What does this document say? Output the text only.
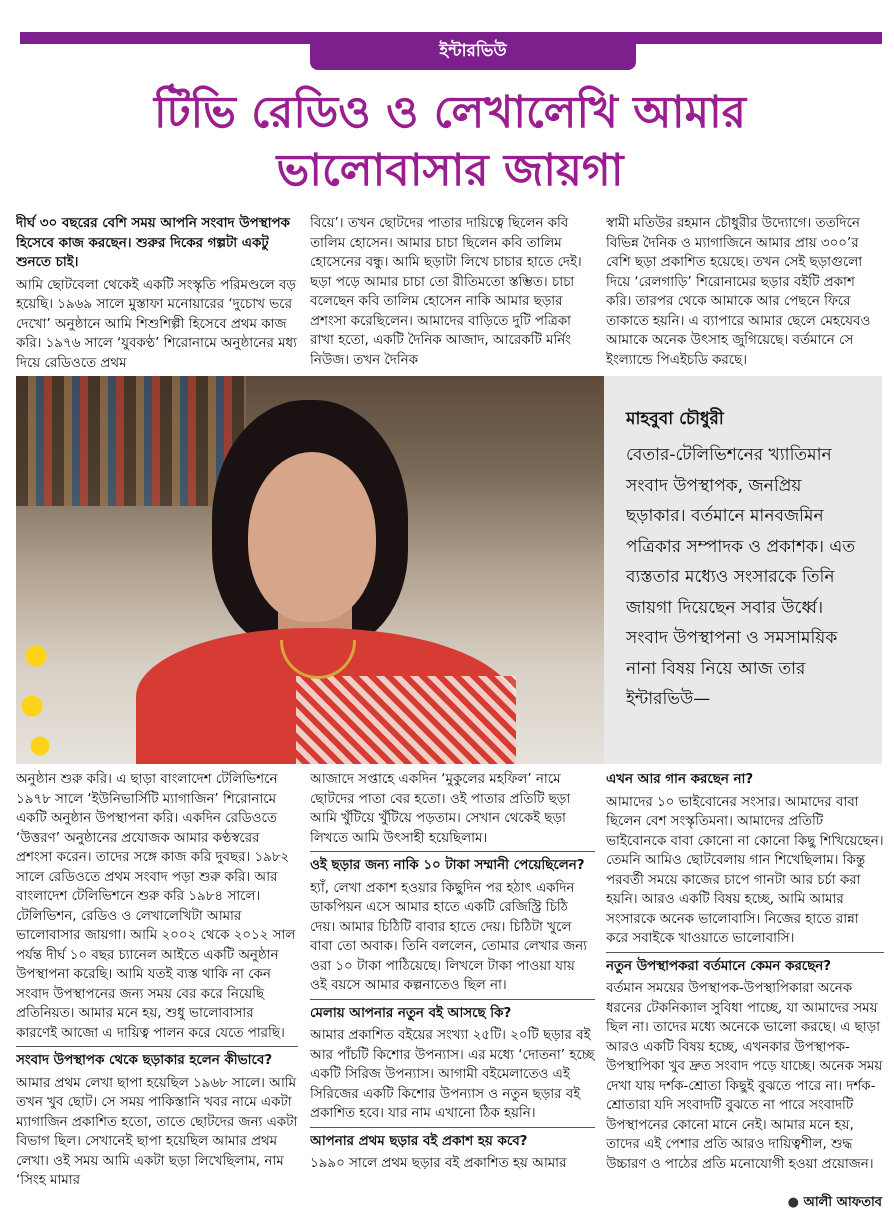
ইন্টারভিউ
টিভি রেডিও ও লেখালেখি আমার
ভালোবাসার জায়গা

দীর্ঘ ৩০ বছরের বেশি সময় আপনি সংবাদ উপস্থাপক হিসেবে কাজ করছেন। শুরুর দিকের গল্পটা একটু শুনতে চাই।

আমি ছোটবেলা থেকেই একটি সংস্কৃতি পরিমণ্ডলে বড় হয়েছি। ১৯৬৯ সালে মুস্তাফা মনোয়ারের ‘দুচোখ ভরে দেখো’ অনুষ্ঠানে আমি শিশুশিল্পী হিসেবে প্রথম কাজ করি। ১৯৭৬ সালে ‘যুবকণ্ঠ’ শিরোনামে অনুষ্ঠানের মধ্য দিয়ে রেডিওতে প্রথম

বিয়ে’। তখন ছোটদের পাতার দায়িত্বে ছিলেন কবি তালিম হোসেন। আমার চাচা ছিলেন কবি তালিম হোসেনের বন্ধু। আমি ছড়াটা লিখে চাচার হাতে দেই। ছড়া পড়ে আমার চাচা তো রীতিমতো স্তম্ভিত। চাচা বলেছেন কবি তালিম হোসেন নাকি আমার ছড়ার প্রশংসা করেছিলেন। আমাদের বাড়িতে দুটি পত্রিকা রাখা হতো, একটি দৈনিক আজাদ, আরেকটি মর্নিং নিউজ। তখন দৈনিক

স্বামী মতিউর রহমান চৌধুরীর উদ্যোগে। ততদিনে বিভিন্ন দৈনিক ও ম্যাগাজিনে আমার প্রায় ৩০০’র বেশি ছড়া প্রকাশিত হয়েছে। তখন সেই ছড়াগুলো দিয়ে ‘রেলগাড়ি’ শিরোনামের ছড়ার বইটি প্রকাশ করি। তারপর থেকে আমাকে আর পেছনে ফিরে তাকাতে হয়নি। এ ব্যাপারে আমার ছেলে মেহযেবও আমাকে অনেক উৎসাহ জুগিয়েছে। বর্তমানে সে ইংল্যান্ডে পিএইচডি করছে।

মাহবুবা চৌধুরী
বেতার-টেলিভিশনের খ্যাতিমান সংবাদ উপস্থাপক, জনপ্রিয় ছড়াকার। বর্তমানে মানবজমিন পত্রিকার সম্পাদক ও প্রকাশক। এত ব্যস্ততার মধ্যেও সংসারকে তিনি জায়গা দিয়েছেন সবার উর্ধ্বে। সংবাদ উপস্থাপনা ও সমসাময়িক নানা বিষয় নিয়ে আজ তার ইন্টারভিউ—

অনুষ্ঠান শুরু করি। এ ছাড়া বাংলাদেশ টেলিভিশনে ১৯৭৮ সালে ‘ইউনিভার্সিটি ম্যাগাজিন’ শিরোনামে একটি অনুষ্ঠান উপস্থাপনা করি। একদিন রেডিওতে ‘উত্তরণ’ অনুষ্ঠানের প্রযোজক আমার কণ্ঠস্বরের প্রশংসা করেন। তাদের সঙ্গে কাজ করি দুবছর। ১৯৮২ সালে রেডিওতে প্রথম সংবাদ পড়া শুরু করি। আর বাংলাদেশ টেলিভিশনে শুরু করি ১৯৮৪ সালে। টেলিভিশন, রেডিও ও লেখালেখিটা আমার ভালোবাসার জায়গা। আমি ২০০২ থেকে ২০১২ সাল পর্যন্ত দীর্ঘ ১০ বছর চ্যানেল আইতে একটি অনুষ্ঠান উপস্থাপনা করেছি। আমি যতই ব্যস্ত থাকি না কেন সংবাদ উপস্থাপনের জন্য সময় বের করে নিয়েছি প্রতিনিয়ত। আমার মনে হয়, শুধু ভালোবাসার কারণেই আজো এ দায়িত্ব পালন করে যেতে পারছি।

সংবাদ উপস্থাপক থেকে ছড়াকার হলেন কীভাবে?

আমার প্রথম লেখা ছাপা হয়েছিল ১৯৬৮ সালে। আমি তখন খুব ছোট। সে সময় পাকিস্তানি খবর নামে একটা ম্যাগাজিন প্রকাশিত হতো, তাতে ছোটদের জন্য একটা বিভাগ ছিল। সেখানেই ছাপা হয়েছিল আমার প্রথম লেখা। ওই সময় আমি একটা ছড়া লিখেছিলাম, নাম ‘সিংহ মামার

আজাদে সপ্তাহে একদিন ‘মুকুলের মহফিল’ নামে ছোটদের পাতা বের হতো। ওই পাতার প্রতিটি ছড়া আমি খুঁটিয়ে খুঁটিয়ে পড়তাম। সেখান থেকেই ছড়া লিখতে আমি উৎসাহী হয়েছিলাম।

ওই ছড়ার জন্য নাকি ১০ টাকা সম্মানী পেয়েছিলেন?

হ্যাঁ, লেখা প্রকাশ হওয়ার কিছুদিন পর হঠাৎ একদিন ডাকপিয়ন এসে আমার হাতে একটি রেজিস্ট্রি চিঠি দেয়। আমার চিঠিটি বাবার হাতে দেয়। চিঠিটা খুলে বাবা তো অবাক। তিনি বললেন, তোমার লেখার জন্য ওরা ১০ টাকা পাঠিয়েছে। লিখলে টাকা পাওয়া যায় ওই বয়সে আমার কল্পনাতেও ছিল না।

মেলায় আপনার নতুন বই আসছে কি?

আমার প্রকাশিত বইয়ের সংখ্যা ২৫টি। ২০টি ছড়ার বই আর পাঁচটি কিশোর উপন্যাস। এর মধ্যে ‘দোতনা’ হচ্ছে একটি সিরিজ উপন্যাস। আগামী বইমেলাতেও এই সিরিজের একটি কিশোর উপন্যাস ও নতুন ছড়ার বই প্রকাশিত হবে। যার নাম এখানো ঠিক হয়নি।

আপনার প্রথম ছড়ার বই প্রকাশ হয় কবে?

১৯৯০ সালে প্রথম ছড়ার বই প্রকাশিত হয় আমার

এখন আর গান করছেন না?

আমাদের ১০ ভাইবোনের সংসার। আমাদের বাবা ছিলেন বেশ সংস্কৃতিমনা। আমাদের প্রতিটি ভাইবোনকে বাবা কোনো না কোনো কিছু শিখিয়েছেন। তেমনি আমিও ছোটবেলায় গান শিখেছিলাম। কিন্তু পরবর্তী সময়ে কাজের চাপে গানটা আর চর্চা করা হয়নি। আরও একটি বিষয় হচ্ছে, আমি আমার সংসারকে অনেক ভালোবাসি। নিজের হাতে রান্না করে সবাইকে খাওয়াতে ভালোবাসি।

নতুন উপস্থাপকরা বর্তমানে কেমন করছেন?

বর্তমান সময়ের উপস্থাপক-উপস্থাপিকারা অনেক ধরনের টেকনিক্যাল সুবিধা পাচ্ছে, যা আমাদের সময় ছিল না। তাদের মধ্যে অনেকে ভালো করছে। এ ছাড়া আরও একটি বিষয় হচ্ছে, এখনকার উপস্থাপক-উপস্থাপিকা খুব দ্রুত সংবাদ পড়ে যাচ্ছে। অনেক সময় দেখা যায় দর্শক-শ্রোতা কিছুই বুঝতে পারে না। দর্শক-শ্রোতারা যদি সংবাদটি বুঝতে না পারে সংবাদটি উপস্থাপনের কোনো মানে নেই। আমার মনে হয়, তাদের এই পেশার প্রতি আরও দায়িত্বশীল, শুদ্ধ উচ্চারণ ও পাঠের প্রতি মনোযোগী হওয়া প্রয়োজন।

● আলী আফতাব
